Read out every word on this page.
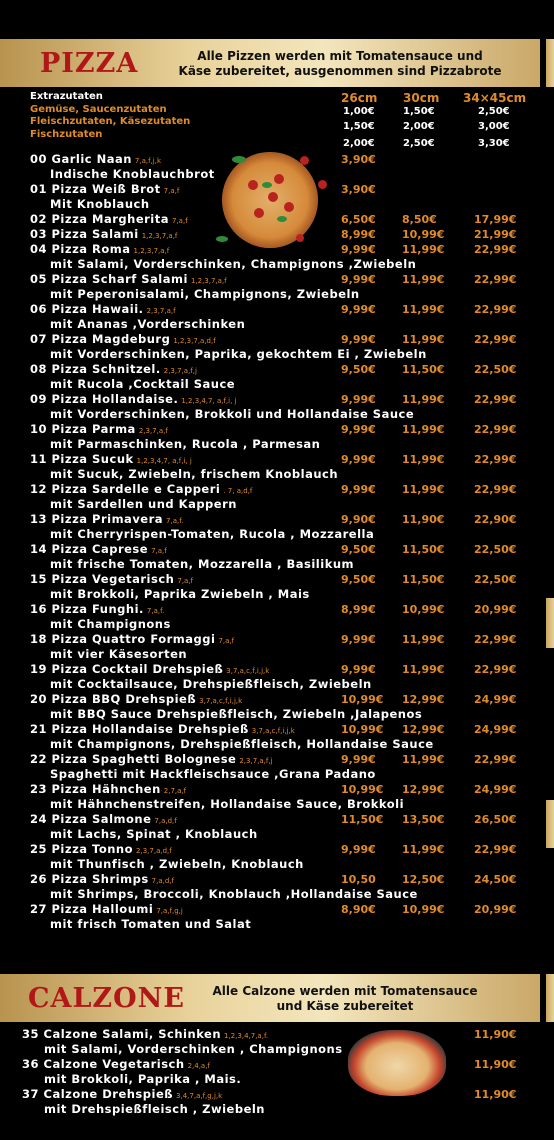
PIZZA	Alle Pizzen werden mit Tomatensauce und
Käse zubereitet, ausgenommen sind Pizzabrote
Extrazutaten
Gemüse, Saucenzutaten
Fleischzutaten, Käsezutaten
Fischzutaten
26cm 30cm 34×45cm
1,00€	1,50€	2,50€
1,50€	2,00€	3,00€
2,00€	2,50€	3,30€
00 Garlic Naan 7,a,f,j,k	3,90€
Indische Knoblauchbrot
01 Pizza Weiß Brot 7,a,f	3,90€
Mit Knoblauch
02 Pizza Margherita 7,a,f	6,50€ 8,50€	17,99€
03 Pizza Salami 1,2,3,7,a,f	8,99€ 10,99€	21,99€
04 Pizza Roma 1,2,3,7,a,f	9,99€ 11,99€	22,99€
mit Salami, Vorderschinken, Champignons ,Zwiebeln
05 Pizza Scharf Salami 1,2,3,7,a,f	9,99€ 11,99€	22,99€
mit Peperonisalami, Champignons, Zwiebeln
06 Pizza Hawaii. 2,3,7,a,f	9,99€ 11,99€	22,99€
mit Ananas ,Vorderschinken
07 Pizza Magdeburg 1,2,3,7,a,d,f	9,99€ 11,99€	22,99€
mit Vorderschinken, Paprika, gekochtem Ei , Zwiebeln
08 Pizza Schnitzel. 2,3,7,a,f,j	9,50€ 11,50€	22,50€
mit Rucola ,Cocktail Sauce
09 Pizza Hollandaise. 1,2,3,4,7, a,f,i, j	9,99€ 11,99€	22,99€
mit Vorderschinken, Brokkoli und Hollandaise Sauce
10 Pizza Parma 2,3,7,a,f	9,99€ 11,99€	22,99€
mit Parmaschinken, Rucola , Parmesan
11 Pizza Sucuk 1,2,3,4,7, a,f,i, j	9,99€ 11,99€	22,99€
mit Sucuk, Zwiebeln, frischem Knoblauch
12 Pizza Sardelle e Capperi . 7, a,d,f	9,99€ 11,99€	22,99€
mit Sardellen und Kappern
13 Pizza Primavera 7,a,f.	9,90€ 11,90€	22,90€
mit Cherryrispen-Tomaten, Rucola , Mozzarella
14 Pizza Caprese 7,a,f	9,50€ 11,50€	22,50€
mit frische Tomaten, Mozzarella , Basilikum
15 Pizza Vegetarisch 7,a,f	9,50€ 11,50€	22,50€
mit Brokkoli, Paprika Zwiebeln , Mais
16 Pizza Funghi. 7,a,f.	8,99€ 10,99€	20,99€
mit Champignons
18 Pizza Quattro Formaggi 7,a,f	9,99€ 11,99€	22,99€
mit vier Käsesorten
19 Pizza Cocktail Drehspieß 3,7,a,c,f,i,j,k	9,99€ 11,99€	22,99€
mit Cocktailsauce, Drehspießfleisch, Zwiebeln
20 Pizza BBQ Drehspieß 3,7,a,c,f,i,j,k	10,99€ 12,99€	24,99€
mit BBQ Sauce Drehspießfleisch, Zwiebeln ,Jalapenos
21 Pizza Hollandaise Drehspieß 3,7,a,c,f,i,j,k	10,99€ 12,99€	24,99€
mit Champignons, Drehspießfleisch, Hollandaise Sauce
22 Pizza Spaghetti Bolognese 2,3,7,a,f,j	9,99€ 11,99€	22,99€
Spaghetti mit Hackfleischsauce ,Grana Padano
23 Pizza Hähnchen 2,7,a,f	10,99€ 12,99€	24,99€
mit Hähnchenstreifen, Hollandaise Sauce, Brokkoli
24 Pizza Salmone 7,a,d,f	11,50€ 13,50€	26,50€
mit Lachs, Spinat , Knoblauch
25 Pizza Tonno 2,3,7,a,d,f	9,99€ 11,99€	22,99€
mit Thunfisch , Zwiebeln, Knoblauch
26 Pizza Shrimps 7,a,d,f	10,50 12,50€	24,50€
mit Shrimps, Broccoli, Knoblauch ,Hollandaise Sauce
27 Pizza Halloumi 7,a,f,g,j	8,90€ 10,99€	20,99€
mit frisch Tomaten und Salat
CALZONE	Alle Calzone werden mit Tomatensauce
und Käse zubereitet
35 Calzone Salami, Schinken 1,2,3,4,7,a,f.	11,90€
mit Salami, Vorderschinken , Champignons
36 Calzone Vegetarisch 2,4,a,f	11,90€
mit Brokkoli, Paprika , Mais.
37 Calzone Drehspieß 3,4,7,a,f,g,j,k	11,90€
mit Drehspießfleisch , Zwiebeln
